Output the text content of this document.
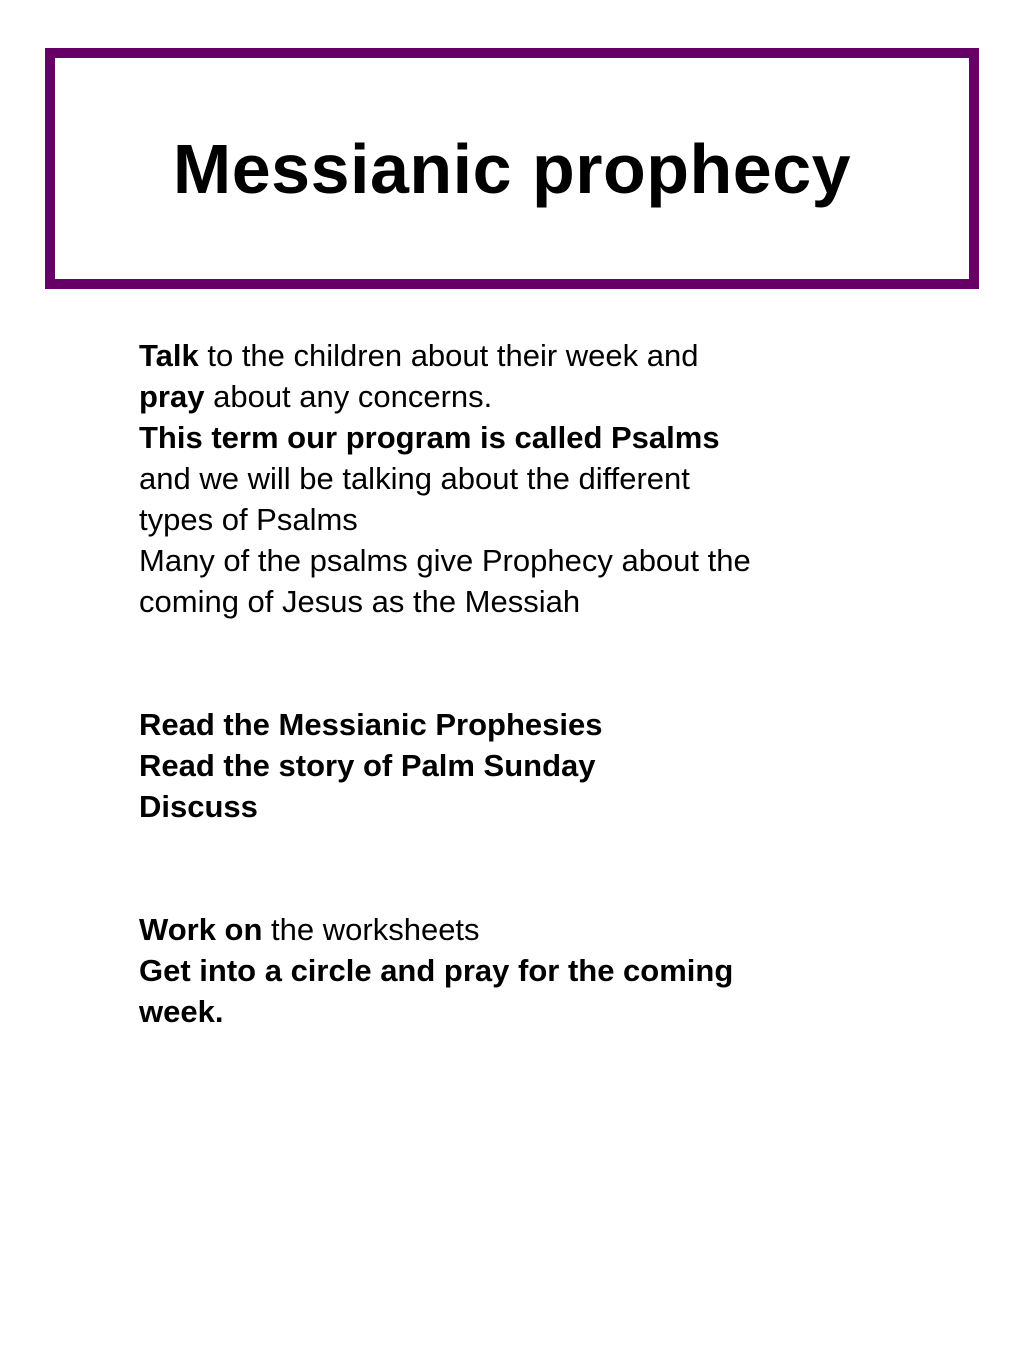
Messianic prophecy
Talk to the children about their week and
pray about any concerns.
This term our program is called Psalms
and we will be talking about the different
types of Psalms
Many of the psalms give Prophecy about the
coming of Jesus as the Messiah
Read the Messianic Prophesies
Read the story of Palm Sunday
Discuss
Work on the worksheets
Get into a circle and pray for the coming
week.
